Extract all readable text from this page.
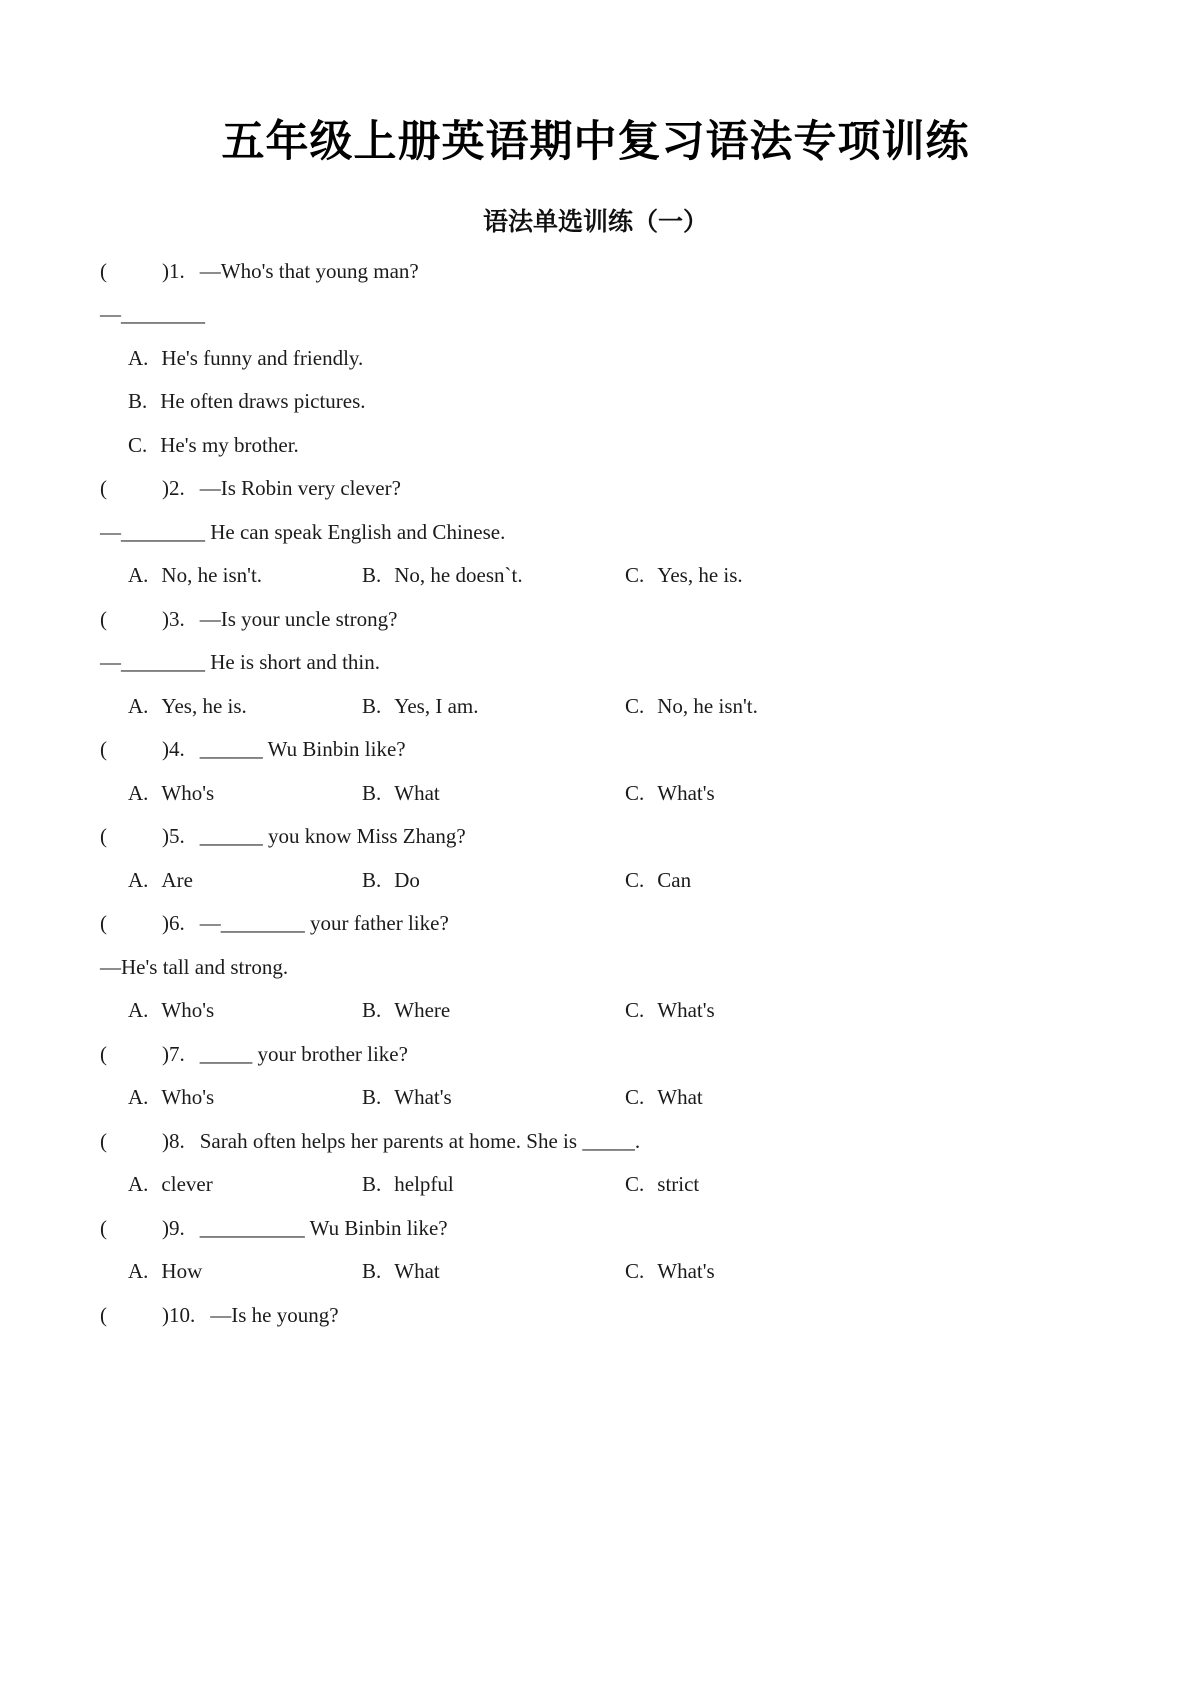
五年级上册英语期中复习语法专项训练
语法单选训练（一）
(	)1. —Who's that young man?
—________
A. He's funny and friendly.
B. He often draws pictures.
C. He's my brother.
(	)2. —Is Robin very clever?
—________ He can speak English and Chinese.
A. No, he isn't.	B. No, he doesn`t.	C. Yes, he is.
(	)3. —Is your uncle strong?
—________ He is short and thin.
A. Yes, he is.	B. Yes, I am.	C. No, he isn't.
(	)4. ______ Wu Binbin like?
A. Who's	B. What	C. What's
(	)5. ______ you know Miss Zhang?
A. Are	B. Do	C. Can
(	)6. —________ your father like?
—He's tall and strong.
A. Who's	B. Where	C. What's
(	)7. _____ your brother like?
A. Who's	B. What's	C. What
(	)8. Sarah often helps her parents at home. She is _____.
A. clever	B. helpful	C. strict
(	)9. __________ Wu Binbin like?
A. How	B. What	C. What's
(	)10. —Is he young?
